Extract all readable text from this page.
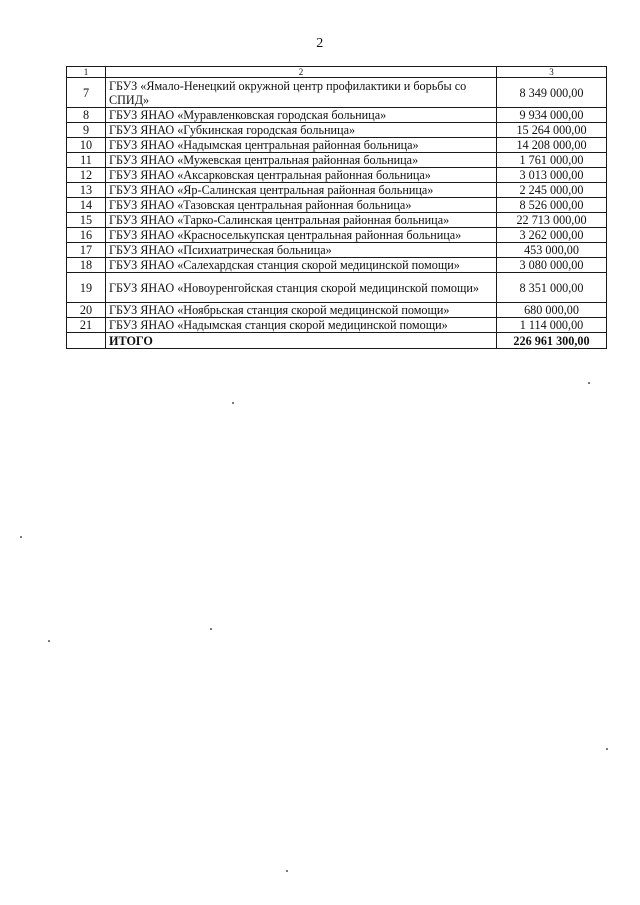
2
1	2	3
7	ГБУЗ «Ямало-Ненецкий окружной центр профилактики и борьбы со СПИД»	8 349 000,00
8	ГБУЗ ЯНАО «Муравленковская городская больница»	9 934 000,00
9	ГБУЗ ЯНАО «Губкинская городская больница»	15 264 000,00
10	ГБУЗ ЯНАО «Надымская центральная районная больница»	14 208 000,00
11	ГБУЗ ЯНАО «Мужевская центральная районная больница»	1 761 000,00
12	ГБУЗ ЯНАО «Аксарковская центральная районная больница»	3 013 000,00
13	ГБУЗ ЯНАО «Яр-Салинская центральная районная больница»	2 245 000,00
14	ГБУЗ ЯНАО «Тазовская центральная районная больница»	8 526 000,00
15	ГБУЗ ЯНАО «Тарко-Салинская центральная районная больница»	22 713 000,00
16	ГБУЗ ЯНАО «Красноселькупская центральная районная больница»	3 262 000,00
17	ГБУЗ ЯНАО «Психиатрическая больница»	453 000,00
18	ГБУЗ ЯНАО «Салехардская станция скорой медицинской помощи»	3 080 000,00
19	ГБУЗ ЯНАО «Новоуренгойская станция скорой медицинской помощи»	8 351 000,00
20	ГБУЗ ЯНАО «Ноябрьская станция скорой медицинской помощи»	680 000,00
21	ГБУЗ ЯНАО «Надымская станция скорой медицинской помощи»	1 114 000,00
	ИТОГО	226 961 300,00
